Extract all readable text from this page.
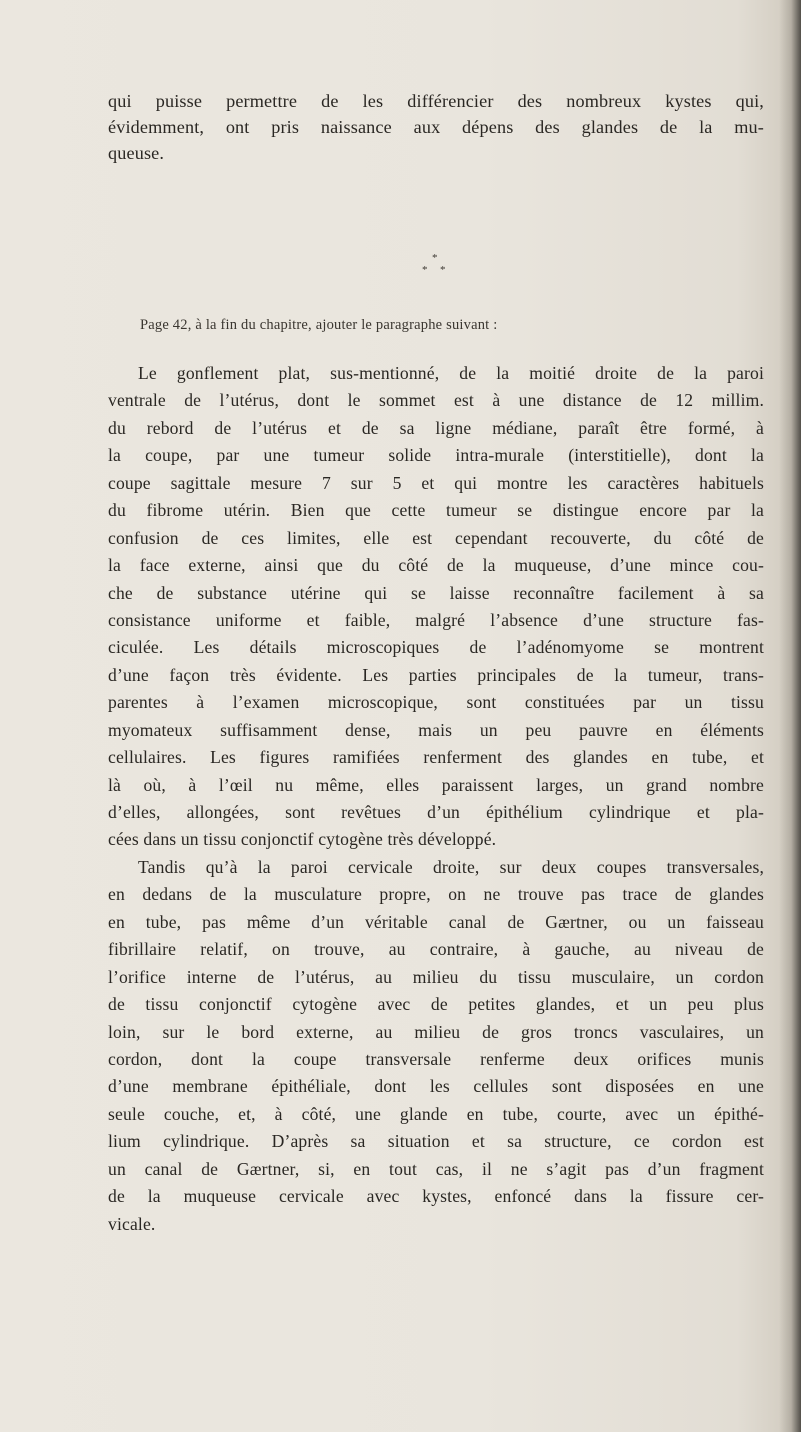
qui puisse permettre de les différencier des nombreux kystes qui,
évidemment, ont pris naissance aux dépens des glandes de la mu-
queuse.
*
* *
Page 42, à la fin du chapitre, ajouter le paragraphe suivant :
Le gonflement plat, sus-mentionné, de la moitié droite de la paroi
ventrale de l’utérus, dont le sommet est à une distance de 12 millim.
du rebord de l’utérus et de sa ligne médiane, paraît être formé, à
la coupe, par une tumeur solide intra-murale (interstitielle), dont la
coupe sagittale mesure 7 sur 5 et qui montre les caractères habituels
du fibrome utérin. Bien que cette tumeur se distingue encore par la
confusion de ces limites, elle est cependant recouverte, du côté de
la face externe, ainsi que du côté de la muqueuse, d’une mince cou-
che de substance utérine qui se laisse reconnaître facilement à sa
consistance uniforme et faible, malgré l’absence d’une structure fas-
ciculée. Les détails microscopiques de l’adénomyome se montrent
d’une façon très évidente. Les parties principales de la tumeur, trans-
parentes à l’examen microscopique, sont constituées par un tissu
myomateux suffisamment dense, mais un peu pauvre en éléments
cellulaires. Les figures ramifiées renferment des glandes en tube, et
là où, à l’œil nu même, elles paraissent larges, un grand nombre
d’elles, allongées, sont revêtues d’un épithélium cylindrique et pla-
cées dans un tissu conjonctif cytogène très développé.
Tandis qu’à la paroi cervicale droite, sur deux coupes transversales,
en dedans de la musculature propre, on ne trouve pas trace de glandes
en tube, pas même d’un véritable canal de Gærtner, ou un faisseau
fibrillaire relatif, on trouve, au contraire, à gauche, au niveau de
l’orifice interne de l’utérus, au milieu du tissu musculaire, un cordon
de tissu conjonctif cytogène avec de petites glandes, et un peu plus
loin, sur le bord externe, au milieu de gros troncs vasculaires, un
cordon, dont la coupe transversale renferme deux orifices munis
d’une membrane épithéliale, dont les cellules sont disposées en une
seule couche, et, à côté, une glande en tube, courte, avec un épithé-
lium cylindrique. D’après sa situation et sa structure, ce cordon est
un canal de Gærtner, si, en tout cas, il ne s’agit pas d’un fragment
de la muqueuse cervicale avec kystes, enfoncé dans la fissure cer-
vicale.
